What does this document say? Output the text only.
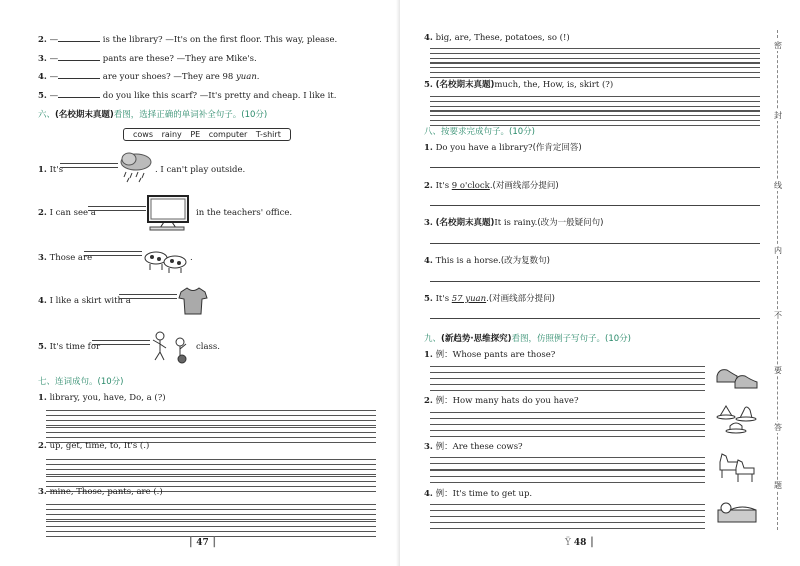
2. —	is the library? —It's on the first floor. This way, please.
3. —	pants are these? —They are Mike's.
4. —	are your shoes? —They are 98 yuan.
5. —	do you like this scarf? —It's pretty and cheap. I like it.
六、(名校期末真题)看图，选择正确的单词补全句子。(10分)
cows rainy PE computer T-shirt
1. It's	. I can't play outside.
2. I can see a	in the teachers' office.
3. Those are	.
4. I like a skirt with a
5. It's time for	class.
七、连词成句。(10分)
1. library, you, have, Do, a (?)
2. up, get, time, to, It's (.)
3. mine, Those, pants, are (.)
┃ 47 ┃
4. big, are, These, potatoes, so (!)
5. (名校期末真题)much, the, How, is, skirt (?)
八、按要求完成句子。(10分)
1. Do you have a library?(作肯定回答)
2. It's 9 o'clock.(对画线部分提问)
3. (名校期末真题)It is rainy.(改为一般疑问句)
4. This is a horse.(改为复数句)
5. It's 57 yuan.(对画线部分提问)
九、(新趋势·思维探究)看图，仿照例子写句子。(10分)
1. 例：Whose pants are those?
2. 例：How many hats do you have?
3. 例：Are these cows?
4. 例：It's time to get up.
Ÿ 48 ┃
密
封
线
内
不
要
答
题
